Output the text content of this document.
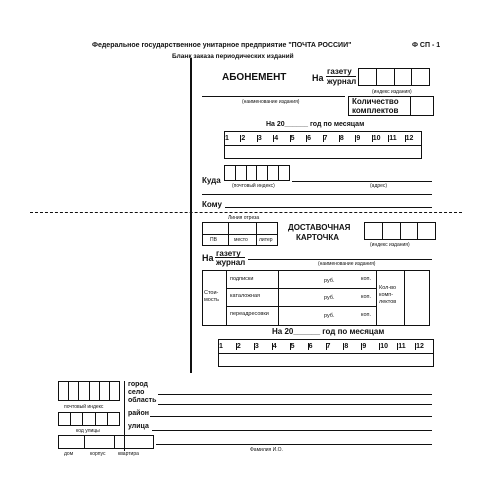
Федеральное государственное унитарное предприятие "ПОЧТА РОССИИ"	Ф СП - 1
Бланк заказа периодических изданий
АБОНЕМЕНТ	На
газету
журнал
(индекс издания)
(наименование издания)	Количество
комплектов
На 20______ год по месяцам
1	2	3	4	5	6	7	8	9	10	11	12
Куда
(почтовый индекс)	(адрес)
Кому
Линия отреза
ПВ	место литер
ДОСТАВОЧНАЯ
КАРТОЧКА
(индекс издания)
На газету
журнал	(наименование издания)
Стои-
мость
подписки	руб.	коп.
каталожная	руб.	коп.
переадресовки	руб.	коп.
Кол-во
комп-
лектов
На 20______ год по месяцам
1	2	3	4	5	6	7	8	9	10	11	12
почтовый индекс
город
село
область
район
код улицы
улица
дом	корпус	квартира
Фамилия И.О.
